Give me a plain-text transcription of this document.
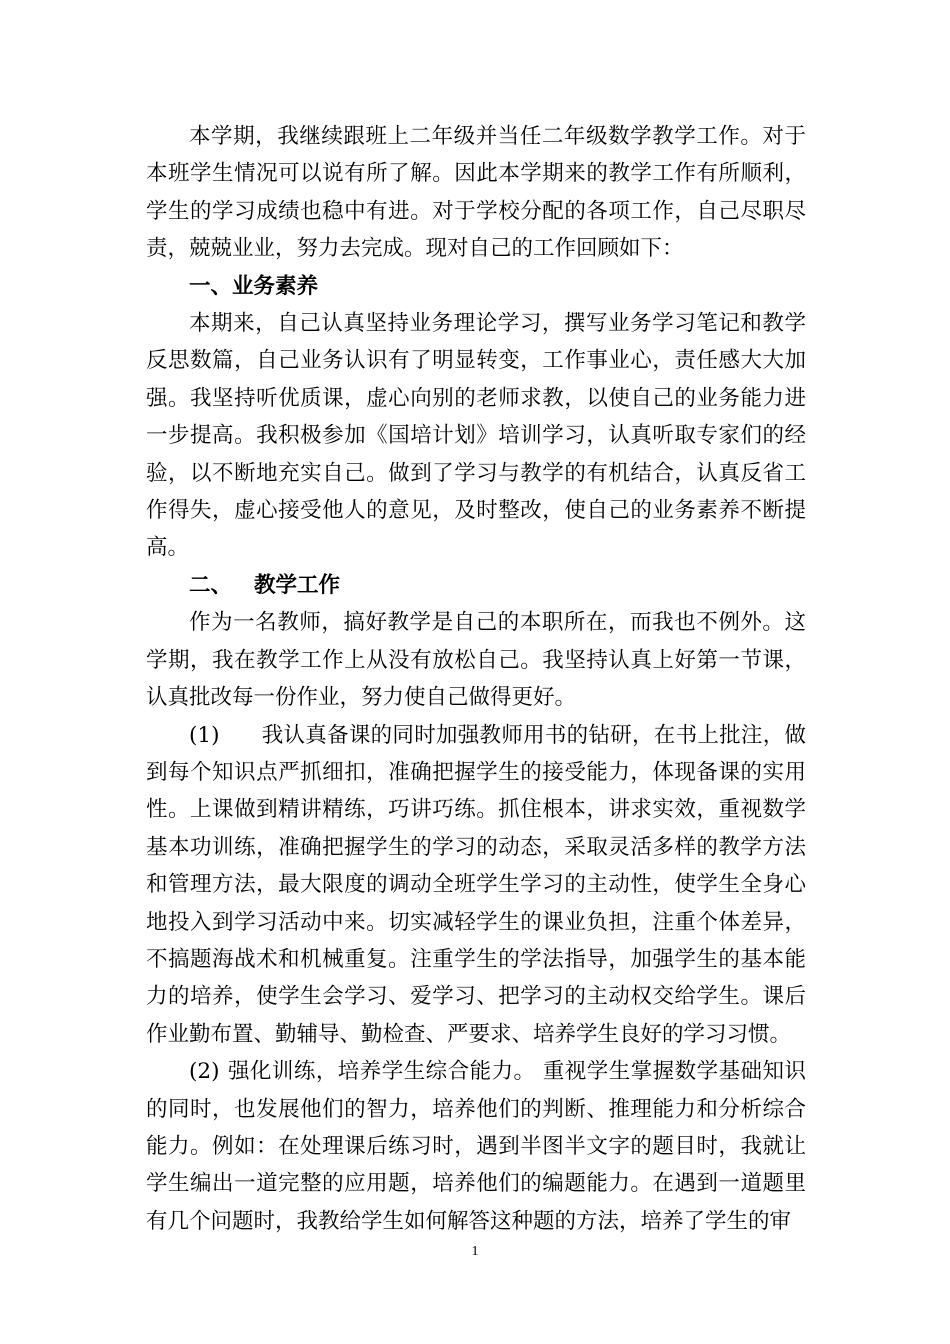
本学期，我继续跟班上二年级并当任二年级数学教学工作。对于本班学生情况可以说有所了解。因此本学期来的教学工作有所顺利，学生的学习成绩也稳中有进。对于学校分配的各项工作，自己尽职尽责，兢兢业业，努力去完成。现对自己的工作回顾如下：

一、业务素养

本期来，自己认真坚持业务理论学习，撰写业务学习笔记和教学反思数篇，自己业务认识有了明显转变，工作事业心，责任感大大加强。我坚持听优质课，虚心向别的老师求教，以使自己的业务能力进一步提高。我积极参加《国培计划》培训学习，认真听取专家们的经验，以不断地充实自己。做到了学习与教学的有机结合，认真反省工作得失，虚心接受他人的意见，及时整改，使自己的业务素养不断提高。

二、 教学工作

作为一名教师，搞好教学是自己的本职所在，而我也不例外。这学期，我在教学工作上从没有放松自己。我坚持认真上好第一节课，认真批改每一份作业，努力使自己做得更好。

(1) 我认真备课的同时加强教师用书的钻研，在书上批注，做到每个知识点严抓细扣，准确把握学生的接受能力，体现备课的实用性。上课做到精讲精练，巧讲巧练。抓住根本，讲求实效，重视数学基本功训练，准确把握学生的学习的动态，采取灵活多样的教学方法和管理方法，最大限度的调动全班学生学习的主动性，使学生全身心地投入到学习活动中来。切实减轻学生的课业负担，注重个体差异，不搞题海战术和机械重复。注重学生的学法指导，加强学生的基本能力的培养，使学生会学习、爱学习、把学习的主动权交给学生。课后作业勤布置、勤辅导、勤检查、严要求、培养学生良好的学习习惯。

(2) 强化训练，培养学生综合能力。 重视学生掌握数学基础知识的同时，也发展他们的智力，培养他们的判断、推理能力和分析综合能力。例如：在处理课后练习时，遇到半图半文字的题目时，我就让学生编出一道完整的应用题，培养他们的编题能力。在遇到一道题里有几个问题时，我教给学生如何解答这种题的方法，培养了学生的审

1
